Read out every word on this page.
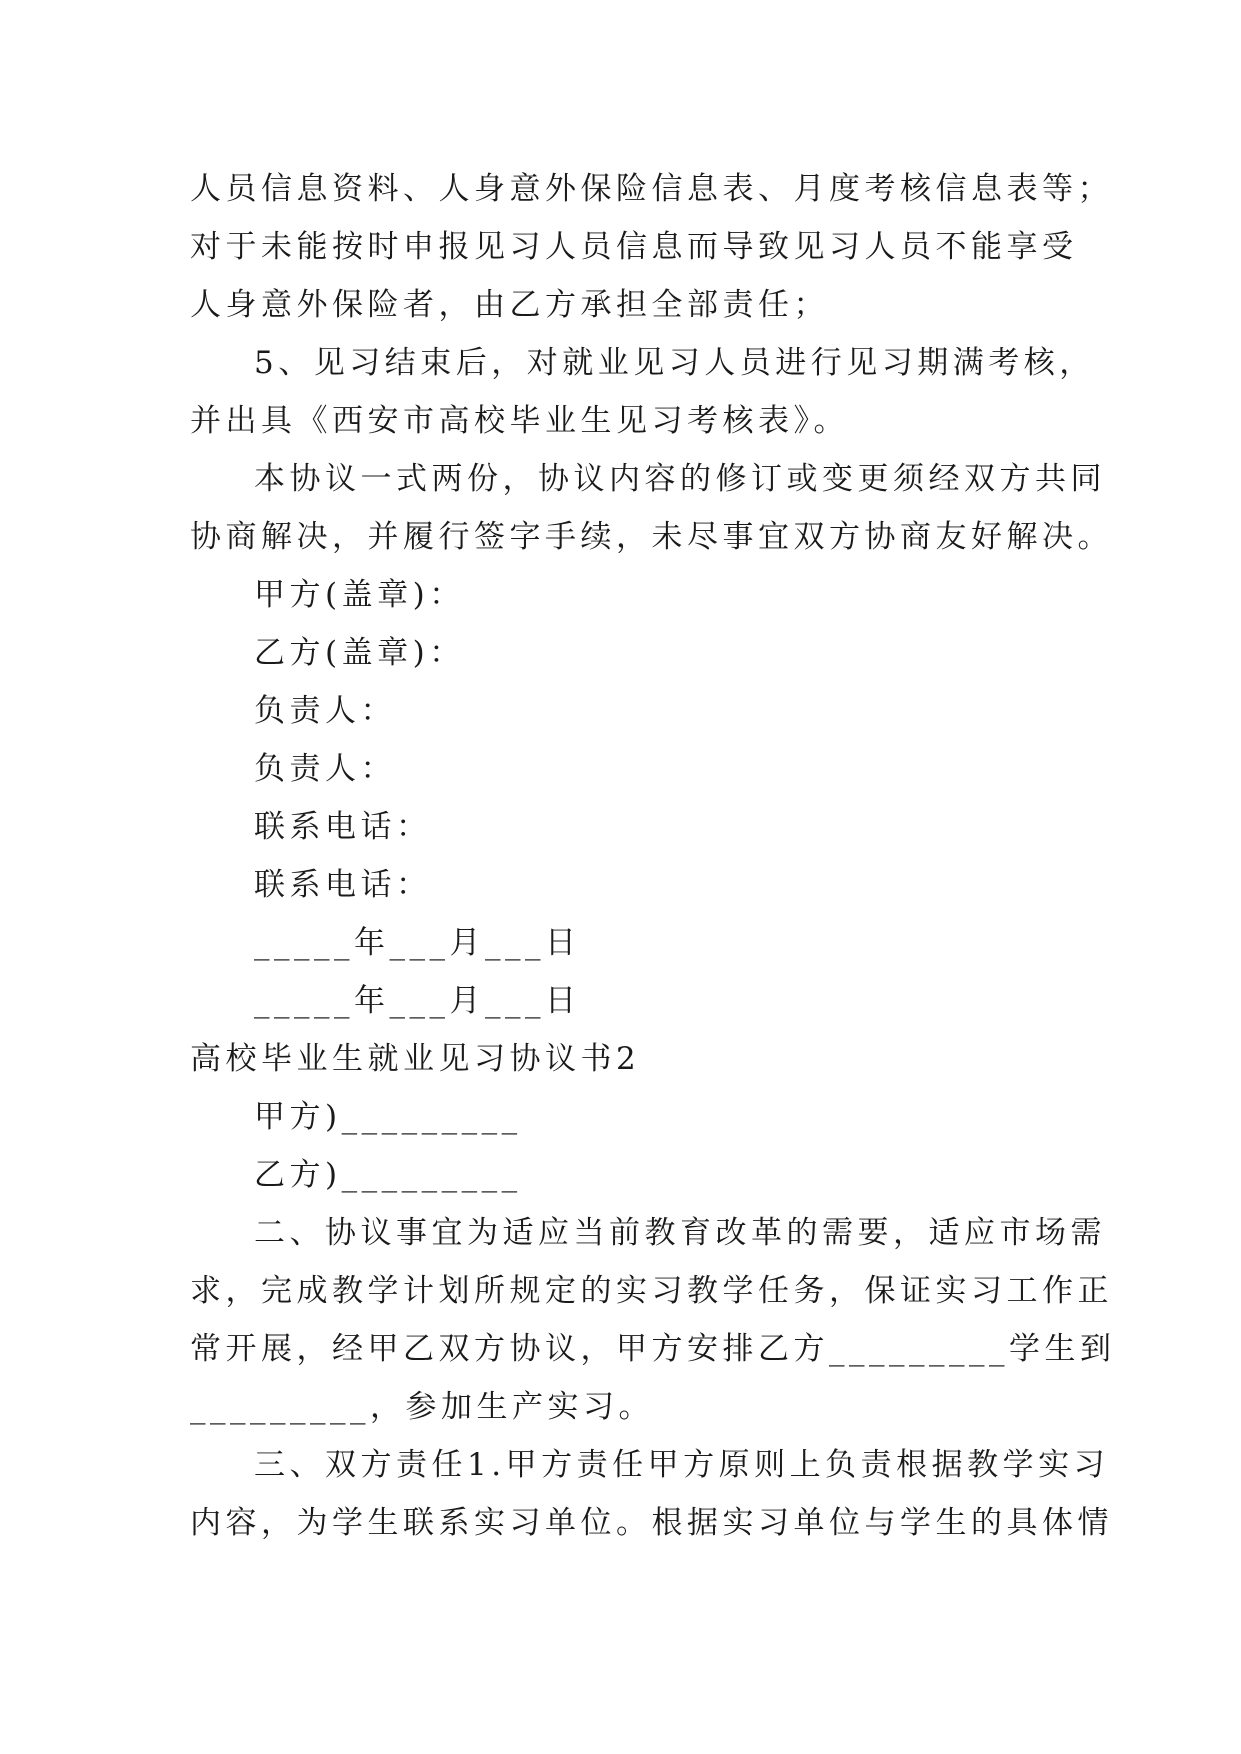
人员信息资料、人身意外保险信息表、月度考核信息表等；
对于未能按时申报见习人员信息而导致见习人员不能享受
人身意外保险者，由乙方承担全部责任；
5、见习结束后，对就业见习人员进行见习期满考核，
并出具《西安市高校毕业生见习考核表》。
本协议一式两份，协议内容的修订或变更须经双方共同
协商解决，并履行签字手续，未尽事宜双方协商友好解决。
甲方(盖章)：
乙方(盖章)：
负责人：
负责人：
联系电话：
联系电话：
_____年___月___日
_____年___月___日
高校毕业生就业见习协议书2
甲方)_________
乙方)_________
二、协议事宜为适应当前教育改革的需要，适应市场需
求，完成教学计划所规定的实习教学任务，保证实习工作正
常开展，经甲乙双方协议，甲方安排乙方_________学生到
_________，参加生产实习。
三、双方责任1.甲方责任甲方原则上负责根据教学实习
内容，为学生联系实习单位。根据实习单位与学生的具体情
